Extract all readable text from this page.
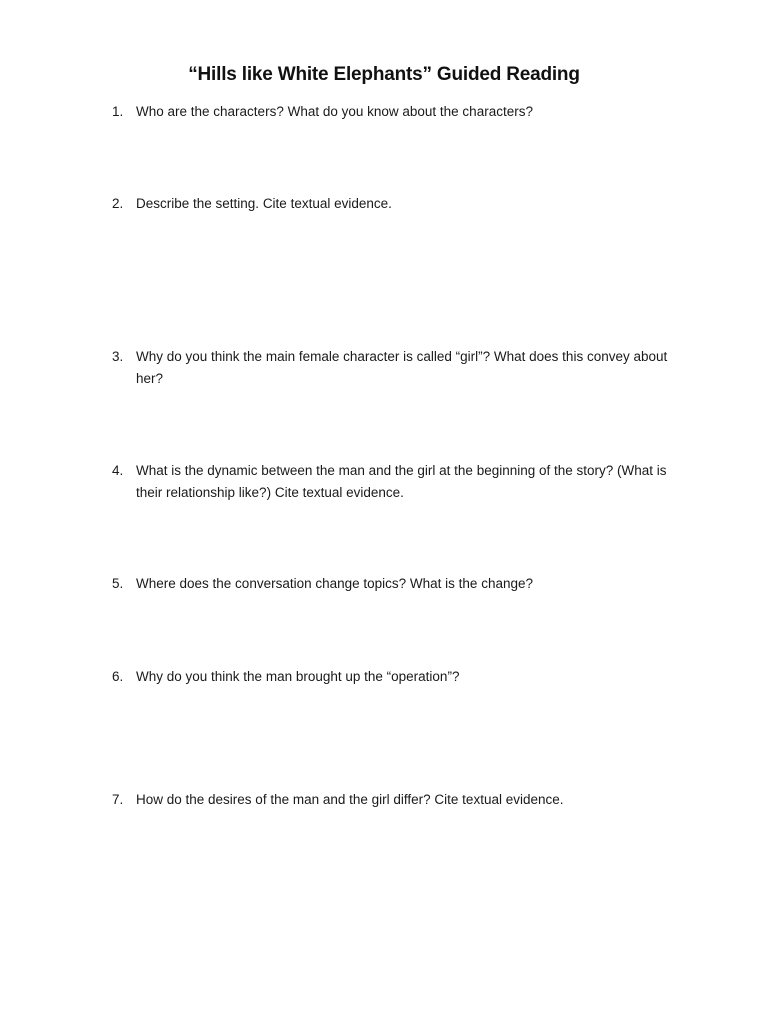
“Hills like White Elephants” Guided Reading
1. Who are the characters? What do you know about the characters?
2. Describe the setting. Cite textual evidence.
3. Why do you think the main female character is called “girl”? What does this convey about her?
4. What is the dynamic between the man and the girl at the beginning of the story? (What is their relationship like?) Cite textual evidence.
5. Where does the conversation change topics? What is the change?
6. Why do you think the man brought up the “operation”?
7. How do the desires of the man and the girl differ? Cite textual evidence.
